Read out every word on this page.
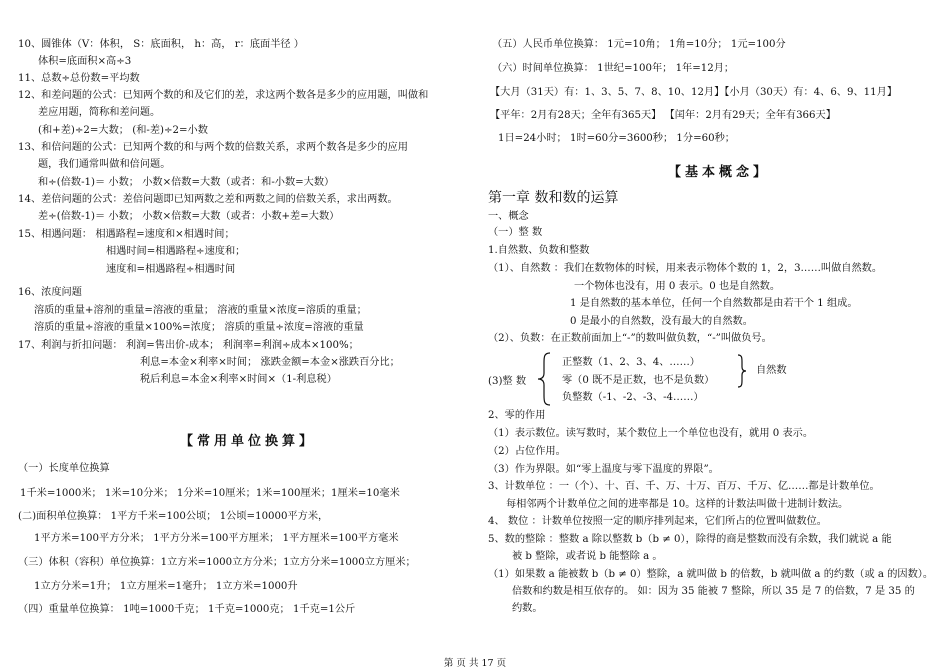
10、圆锥体（V：体积， S：底面积， h：高， r：底面半径 ）
体积=底面积×高÷3
11、总数÷总份数=平均数
12、和差问题的公式：已知两个数的和及它们的差，求这两个数各是多少的应用题，叫做和
差应用题，简称和差问题。
(和+差)÷2=大数； (和-差)÷2=小数
13、和倍问题的公式：已知两个数的和与两个数的倍数关系，求两个数各是多少的应用
题，我们通常叫做和倍问题。
和÷(倍数-1)＝ 小数； 小数×倍数=大数（或者：和-小数=大数）
14、差倍问题的公式：差倍问题即已知两数之差和两数之间的倍数关系，求出两数。
差÷(倍数-1)＝ 小数； 小数×倍数=大数（或者：小数+差=大数）
15、相遇问题： 相遇路程=速度和×相遇时间；
相遇时间=相遇路程÷速度和；
速度和=相遇路程÷相遇时间
16、浓度问题
溶质的重量+溶剂的重量=溶液的重量； 溶液的重量×浓度=溶质的重量；
溶质的重量÷溶液的重量×100%=浓度； 溶质的重量÷浓度=溶液的重量
17、利润与折扣问题： 利润=售出价-成本； 利润率=利润÷成本×100%；
利息=本金×利率×时间； 涨跌金额=本金×涨跌百分比；
税后利息=本金×利率×时间×（1-利息税）
【常用单位换算】
（一）长度单位换算
1千米=1000米； 1米=10分米； 1分米=10厘米；1米=100厘米；1厘米=10毫米
(二)面积单位换算： 1平方千米=100公顷； 1公顷=10000平方米，
1平方米=100平方分米； 1平方分米=100平方厘米； 1平方厘米=100平方毫米
（三）体积（容积）单位换算：1立方米=1000立方分米；1立方分米=1000立方厘米；
1立方分米=1升； 1立方厘米=1毫升； 1立方米=1000升
（四）重量单位换算： 1吨=1000千克； 1千克=1000克； 1千克=1公斤
（五）人民币单位换算： 1元=10角； 1角=10分； 1元=100分
（六）时间单位换算： 1世纪=100年； 1年=12月；
【大月（31天）有：1、3、5、7、8、10、12月】【小月（30天）有：4、6、9、11月】
【平年：2月有28天；全年有365天】 【闰年：2月有29天；全年有366天】
1日=24小时； 1时=60分=3600秒； 1分=60秒；
【基本概念】
第一章 数和数的运算
一、概念
（一）整 数
1.自然数、负数和整数
（1）、自然数 ：我们在数物体的时候，用来表示物体个数的 1，2，3……叫做自然数。
一个物体也没有，用 0 表示。0 也是自然数。
1 是自然数的基本单位，任何一个自然数都是由若干个 1 组成。
0 是最小的自然数，没有最大的自然数。
（2）、负数：在正数前面加上“-”的数叫做负数，“-”叫做负号。
(3)整 数
正整数（1、2、3、4、……）
零（0 既不是正数，也不是负数）
负整数（-1、-2、-3、-4……）
自然数
2、零的作用
（1）表示数位。读写数时，某个数位上一个单位也没有，就用 0 表示。
（2）占位作用。
（3）作为界限。如“零上温度与零下温度的界限”。
3、计数单位 ：一（个）、十、百、千、万、十万、百万、千万、亿……都是计数单位。
每相邻两个计数单位之间的进率都是 10。这样的计数法叫做十进制计数法。
4、 数位 ：计数单位按照一定的顺序排列起来，它们所占的位置叫做数位。
5、数的整除 ：整数 a 除以整数 b（b ≠ 0），除得的商是整数而没有余数，我们就说 a 能
被 b 整除，或者说 b 能整除 a 。
（1）如果数 a 能被数 b（b ≠ 0）整除，a 就叫做 b 的倍数，b 就叫做 a 的约数（或 a 的因数）。
倍数和约数是相互依存的。 如：因为 35 能被 7 整除，所以 35 是 7 的倍数，7 是 35 的
约数。
第 页 共 17 页
